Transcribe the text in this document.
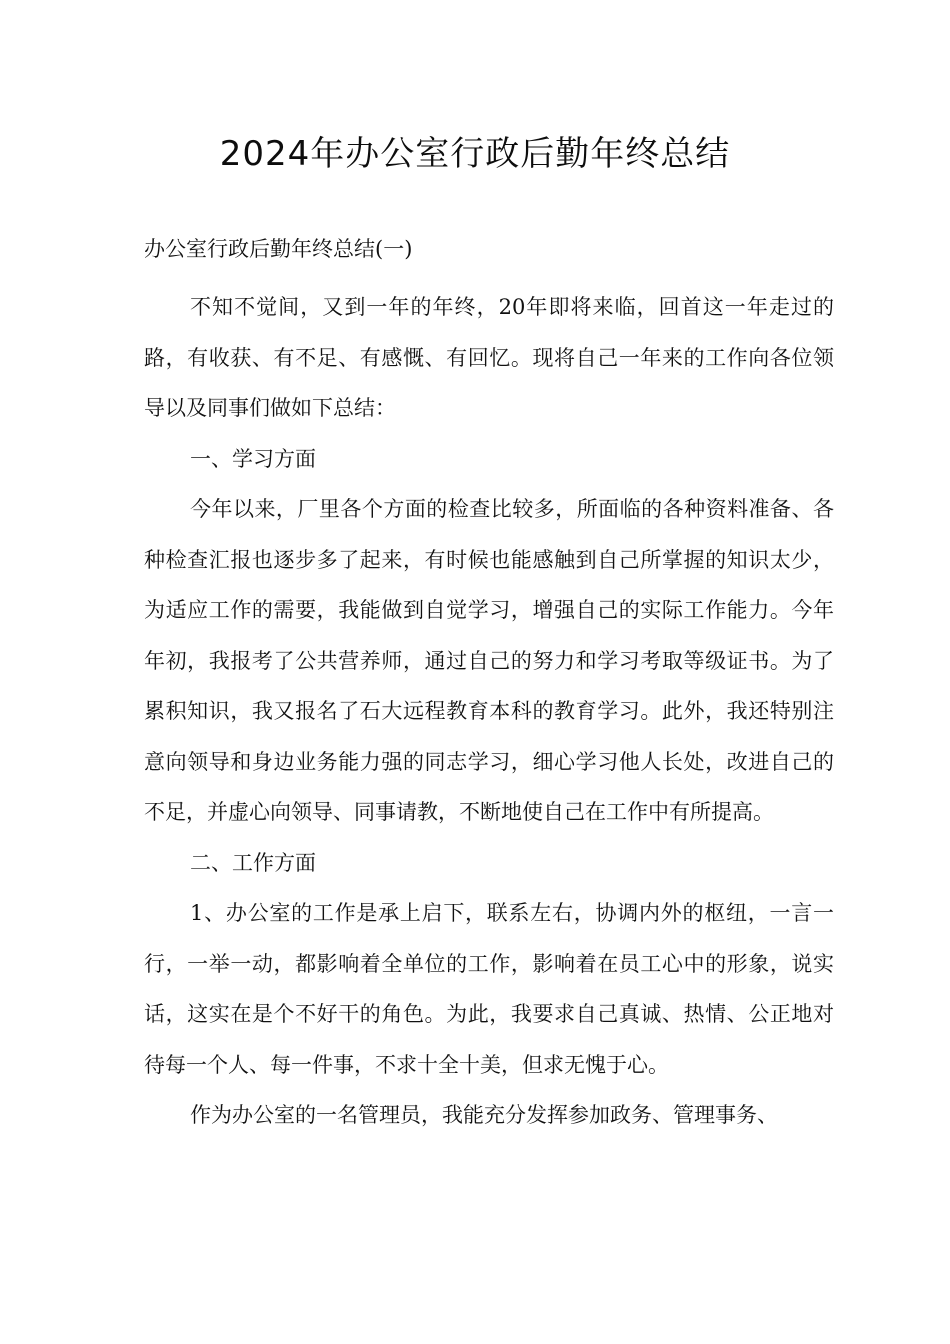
2024年办公室行政后勤年终总结
办公室行政后勤年终总结(一)

不知不觉间，又到一年的年终，20年即将来临，回首这一年走过的路，有收获、有不足、有感慨、有回忆。现将自己一年来的工作向各位领导以及同事们做如下总结：

一、学习方面

今年以来，厂里各个方面的检查比较多，所面临的各种资料准备、各种检查汇报也逐步多了起来，有时候也能感触到自己所掌握的知识太少，为适应工作的需要，我能做到自觉学习，增强自己的实际工作能力。今年年初，我报考了公共营养师，通过自己的努力和学习考取等级证书。为了累积知识，我又报名了石大远程教育本科的教育学习。此外，我还特别注意向领导和身边业务能力强的同志学习，细心学习他人长处，改进自己的不足，并虚心向领导、同事请教，不断地使自己在工作中有所提高。

二、工作方面

1、办公室的工作是承上启下，联系左右，协调内外的枢纽，一言一行，一举一动，都影响着全单位的工作，影响着在员工心中的形象，说实话，这实在是个不好干的角色。为此，我要求自己真诚、热情、公正地对待每一个人、每一件事，不求十全十美，但求无愧于心。

作为办公室的一名管理员，我能充分发挥参加政务、管理事务、
